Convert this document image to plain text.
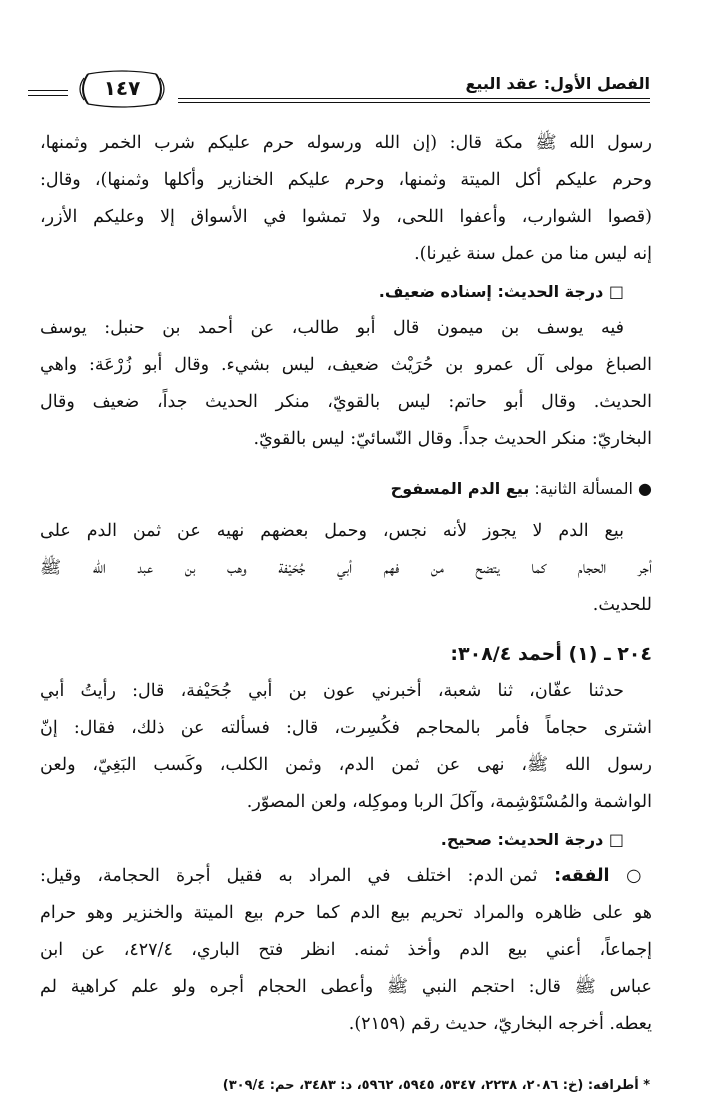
الفصل الأول: عقد البيع
١٤٧
رسول الله ﷺ مكة قال: (إن الله ورسوله حرم عليكم شرب الخمر وثمنها،
وحرم عليكم أكل الميتة وثمنها، وحرم عليكم الخنازير وأكلها وثمنها)، وقال:
(قصوا الشوارب، وأعفوا اللحى، ولا تمشوا في الأسواق إلا وعليكم الأزر،
إنه ليس منا من عمل سنة غيرنا).
□ درجة الحديث: إسناده ضعيف.
فيه يوسف بن ميمون قال أبو طالب، عن أحمد بن حنبل: يوسف
الصباغ مولى آل عمرو بن حُرَيْث ضعيف، ليس بشيء. وقال أبو زُرْعَة: واهي
الحديث. وقال أبو حاتم: ليس بالقويّ، منكر الحديث جداً، ضعيف وقال
البخاريّ: منكر الحديث جداً. وقال النّسائيّ: ليس بالقويّ.
● المسألة الثانية: بيع الدم المسفوح
بيع الدم لا يجوز لأنه نجس، وحمل بعضهم نهيه عن ثمن الدم على
أجر الحجام كما يتضح من فهم أبي جُحَيْفة وهب بن عبد الله ﷺ
للحديث.
٢٠٤ ـ (١) أحمد ٣٠٨/٤:
حدثنا عفّان، ثنا شعبة، أخبرني عون بن أبي جُحَيْفة، قال: رأيتُ أبي
اشترى حجاماً فأمر بالمحاجم فكُسِرت، قال: فسألته عن ذلك، فقال: إنّ
رسول الله ﷺ، نهى عن ثمن الدم، وثمن الكلب، وكَسب البَغِيّ، ولعن
الواشمة والمُسْتَوْشِمة، وآكلَ الربا وموكِله، ولعن المصوّر.
□ درجة الحديث: صحيح.
○ الفقه: ثمن الدم: اختلف في المراد به فقيل أجرة الحجامة، وقيل:
هو على ظاهره والمراد تحريم بيع الدم كما حرم بيع الميتة والخنزير وهو حرام
إجماعاً، أعني بيع الدم وأخذ ثمنه. انظر فتح الباري، ٤٢٧/٤، عن ابن
عباس ﷺ قال: احتجم النبي ﷺ وأعطى الحجام أجره ولو علم كراهية لم
يعطه. أخرجه البخاريّ، حديث رقم (٢١٥٩).
* أطرافه: (خ: ٢٠٨٦، ٢٢٣٨، ٥٣٤٧، ٥٩٤٥، ٥٩٦٢، د: ٣٤٨٣، حم: ٣٠٩/٤)
